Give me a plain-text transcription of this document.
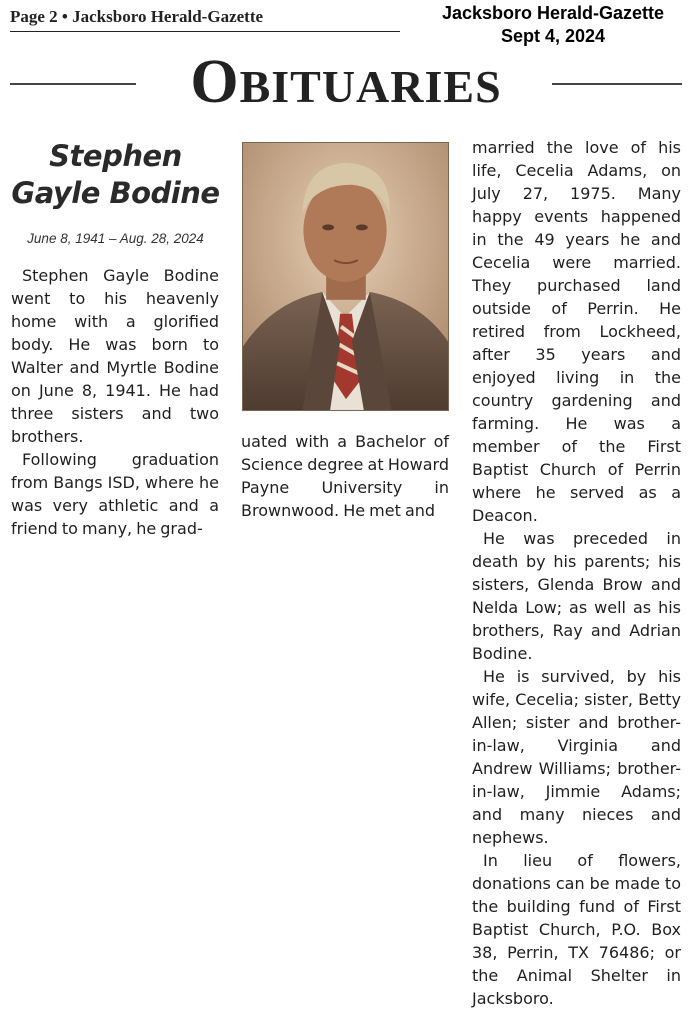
Page 2 • Jacksboro Herald-Gazette	Jacksboro Herald-Gazette
Sept 4, 2024
OBITUARIES
Stephen Gayle Bodine
June 8, 1941 – Aug. 28, 2024

Stephen Gayle Bodine went to his heavenly home with a glorified body. He was born to Walter and Myrtle Bodine on June 8, 1941. He had three sisters and two brothers.

Following graduation from Bangs ISD, where he was very athletic and a friend to many, he grad-

uated with a Bachelor of Science degree at Howard Payne University in Brownwood. He met and

married the love of his life, Cecelia Adams, on July 27, 1975. Many happy events happened in the 49 years he and Cecelia were married. They purchased land outside of Perrin. He retired from Lockheed, after 35 years and enjoyed living in the country gardening and farming. He was a member of the First Baptist Church of Perrin where he served as a Deacon.

He was preceded in death by his parents; his sisters, Glenda Brow and Nelda Low; as well as his brothers, Ray and Adrian Bodine.

He is survived, by his wife, Cecelia; sister, Betty Allen; sister and brother-in-law, Virginia and Andrew Williams; brother-in-law, Jimmie Adams; and many nieces and nephews.

In lieu of flowers, donations can be made to the building fund of First Baptist Church, P.O. Box 38, Perrin, TX 76486; or the Animal Shelter in Jacksboro.
